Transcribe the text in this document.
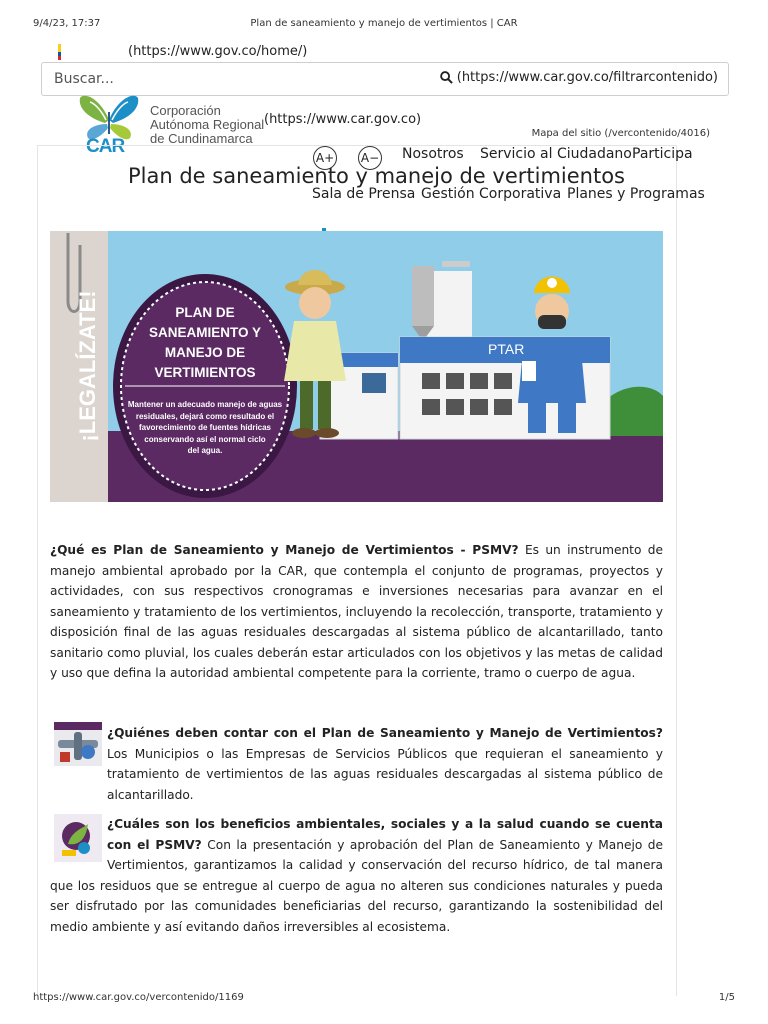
9/4/23, 17:37	Plan de saneamiento y manejo de vertimientos | CAR
(https://www.gov.co/home/)
Buscar...
(https://www.car.gov.co/filtrarcontenido)
CAR
Corporación
Autónoma Regional
de Cundinamarca
(https://www.car.gov.co)
Mapa del sitio (/vercontenido/4016)
A+ A− Nosotros Servicio al Ciudadano Participa
Sala de Prensa Gestión Corporativa Planes y Programas
Plan de saneamiento y manejo de vertimientos
¡LEGALÍZATE!	PLAN DE
SANEAMIENTO Y
MANEJO DE
VERTIMIENTOS
Mantener un adecuado manejo de aguas
residuales, dejará como resultado el
favorecimiento de fuentes hídricas
conservando así el normal ciclo
del agua.
PTAR
¿Qué es Plan de Saneamiento y Manejo de Vertimientos - PSMV? Es un instrumento de manejo ambiental aprobado por la CAR, que contempla el conjunto de programas, proyectos y actividades, con sus respectivos cronogramas e inversiones necesarias para avanzar en el saneamiento y tratamiento de los vertimientos, incluyendo la recolección, transporte, tratamiento y disposición final de las aguas residuales descargadas al sistema público de alcantarillado, tanto sanitario como pluvial, los cuales deberán estar articulados con los objetivos y las metas de calidad y uso que defina la autoridad ambiental competente para la corriente, tramo o cuerpo de agua.
¿Quiénes deben contar con el Plan de Saneamiento y Manejo de Vertimientos? Los Municipios o las Empresas de Servicios Públicos que requieran el saneamiento y tratamiento de vertimientos de las aguas residuales descargadas al sistema público de alcantarillado.
¿Cuáles son los beneficios ambientales, sociales y a la salud cuando se cuenta con el PSMV? Con la presentación y aprobación del Plan de Saneamiento y Manejo de Vertimientos, garantizamos la calidad y conservación del recurso hídrico, de tal manera que los residuos que se entregue al cuerpo de agua no alteren sus condiciones naturales y pueda ser disfrutado por las comunidades beneficiarias del recurso, garantizando la sostenibilidad del medio ambiente y así evitando daños irreversibles al ecosistema.
https://www.car.gov.co/vercontenido/1169	1/5
